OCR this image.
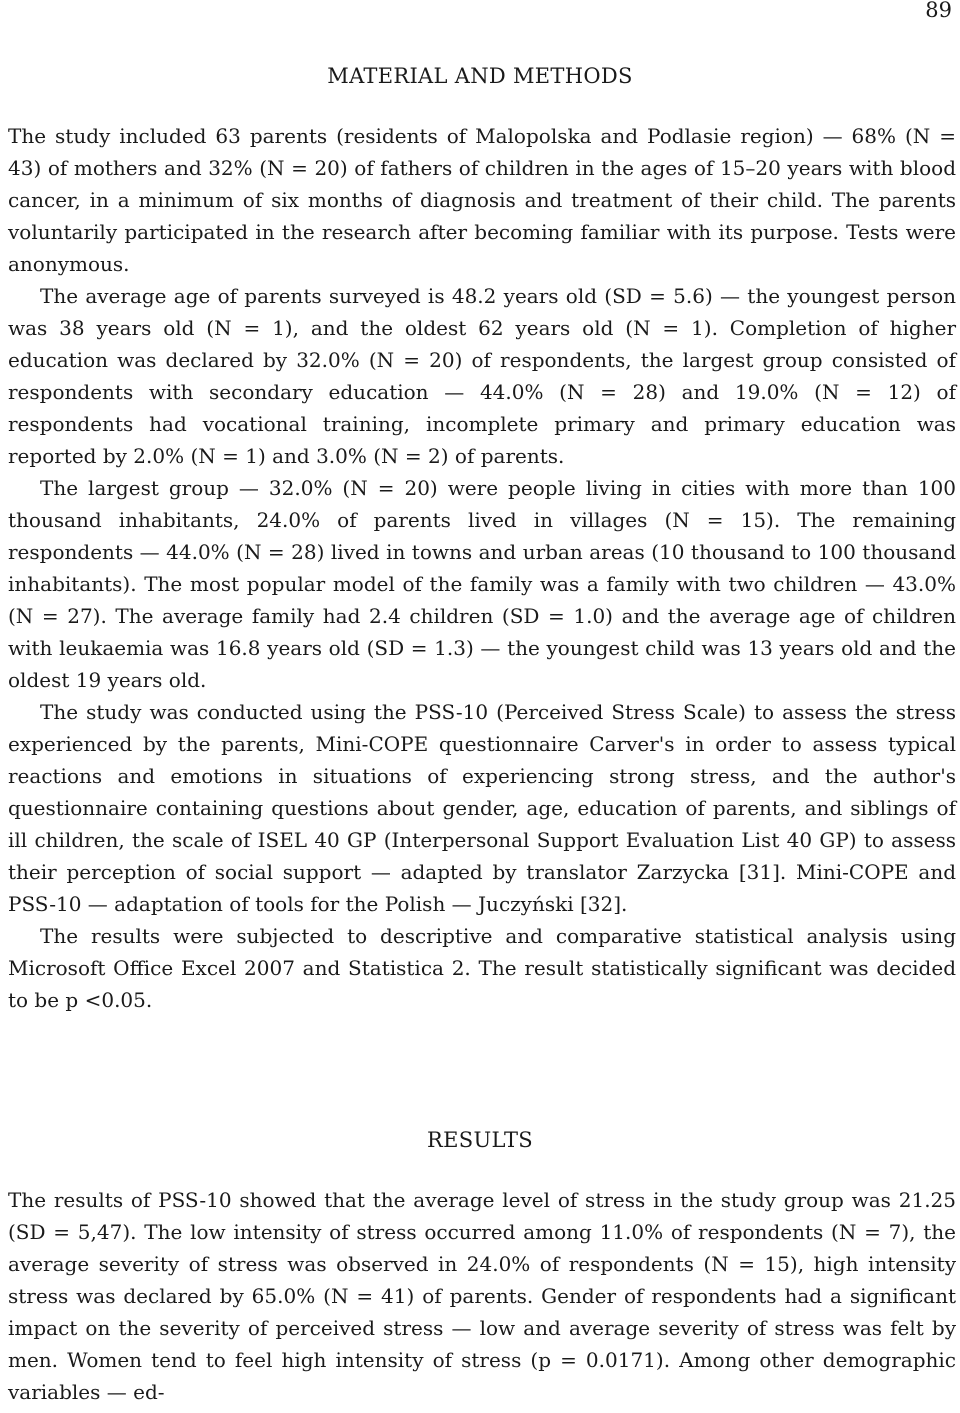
89
MATERIAL AND METHODS

The study included 63 parents (residents of Malopolska and Podlasie region) — 68% (N = 43) of mothers and 32% (N = 20) of fathers of children in the ages of 15–20 years with blood cancer, in a minimum of six months of diagnosis and treatment of their child. The parents voluntarily participated in the research after becoming familiar with its purpose. Tests were anonymous.

The average age of parents surveyed is 48.2 years old (SD = 5.6) — the youngest person was 38 years old (N = 1), and the oldest 62 years old (N = 1). Completion of higher education was declared by 32.0% (N = 20) of respondents, the largest group consisted of respondents with secondary education — 44.0% (N = 28) and 19.0% (N = 12) of respondents had vocational training, incomplete primary and primary education was reported by 2.0% (N = 1) and 3.0% (N = 2) of parents.

The largest group — 32.0% (N = 20) were people living in cities with more than 100 thousand inhabitants, 24.0% of parents lived in villages (N = 15). The remaining respondents — 44.0% (N = 28) lived in towns and urban areas (10 thousand to 100 thousand inhabitants). The most popular model of the family was a family with two children — 43.0% (N = 27). The average family had 2.4 children (SD = 1.0) and the average age of children with leukaemia was 16.8 years old (SD = 1.3) — the youngest child was 13 years old and the oldest 19 years old.

The study was conducted using the PSS-10 (Perceived Stress Scale) to assess the stress experienced by the parents, Mini-COPE questionnaire Carver's in order to assess typical reactions and emotions in situations of experiencing strong stress, and the author's questionnaire containing questions about gender, age, education of parents, and siblings of ill children, the scale of ISEL 40 GP (Interpersonal Support Evaluation List 40 GP) to assess their perception of social support — adapted by translator Zarzycka [31]. Mini-COPE and PSS-10 — adaptation of tools for the Polish — Juczyński [32].

The results were subjected to descriptive and comparative statistical analysis using Microsoft Office Excel 2007 and Statistica 2. The result statistically significant was decided to be p <0.05.

RESULTS

The results of PSS-10 showed that the average level of stress in the study group was 21.25 (SD = 5,47). The low intensity of stress occurred among 11.0% of respondents (N = 7), the average severity of stress was observed in 24.0% of respondents (N = 15), high intensity stress was declared by 65.0% (N = 41) of parents. Gender of respondents had a significant impact on the severity of perceived stress — low and average severity of stress was felt by men. Women tend to feel high intensity of stress (p = 0.0171). Among other demographic variables — ed-
